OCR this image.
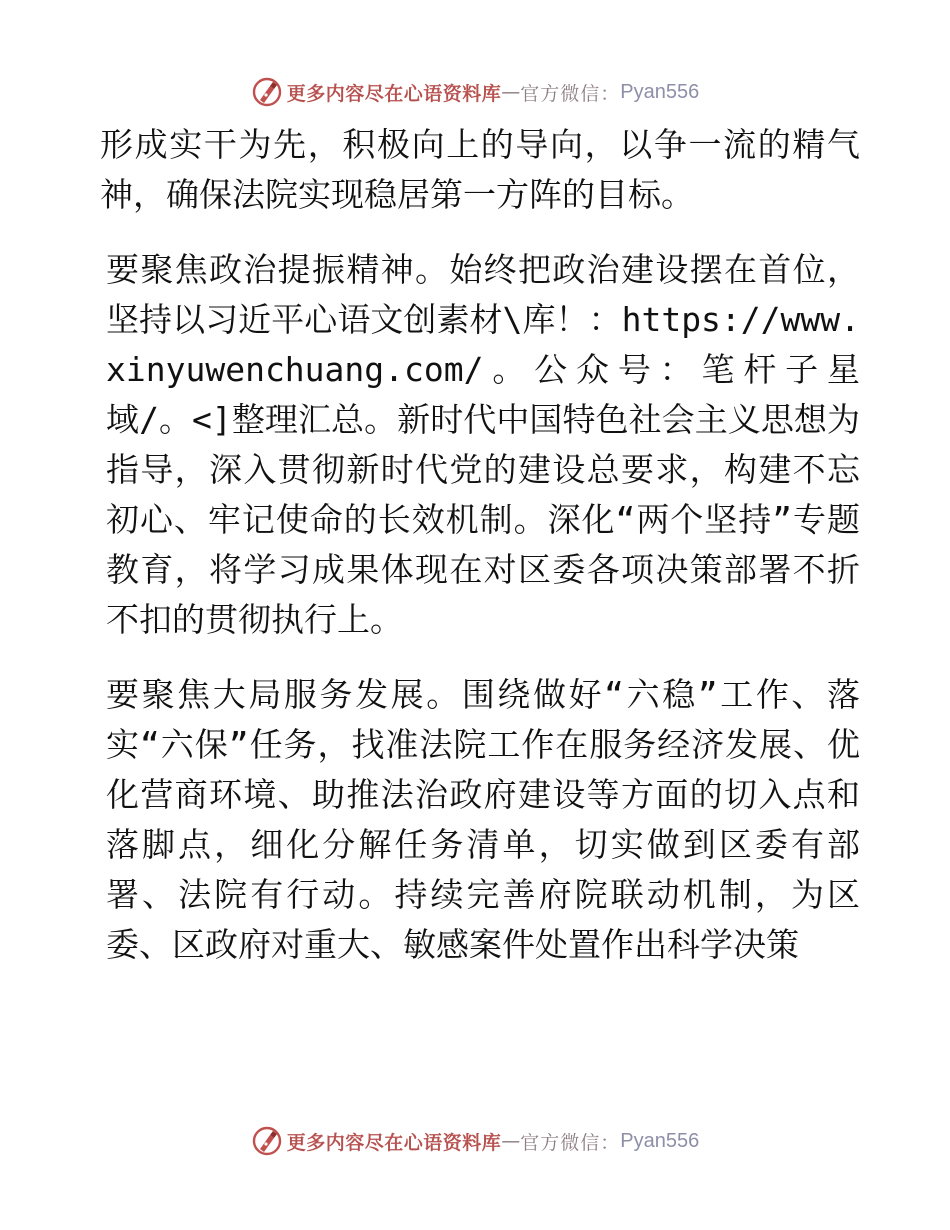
更多内容尽在心语资料库 — 官方微信： Pyan556

形成实干为先，积极向上的导向，以争一流的精气神，确保法院实现稳居第一方阵的目标。

要聚焦政治提振精神。始终把政治建设摆在首位，坚持以习近平心语文创素材\库！：https://www.xinyuwenchuang.com/。公众号：笔杆子星域/。<]整理汇总。新时代中国特色社会主义思想为指导，深入贯彻新时代党的建设总要求，构建不忘初心、牢记使命的长效机制。深化“两个坚持”专题教育，将学习成果体现在对区委各项决策部署不折不扣的贯彻执行上。

要聚焦大局服务发展。围绕做好“六稳”工作、落实“六保”任务，找准法院工作在服务经济发展、优化营商环境、助推法治政府建设等方面的切入点和落脚点，细化分解任务清单，切实做到区委有部署、法院有行动。持续完善府院联动机制，为区委、区政府对重大、敏感案件处置作出科学决策

更多内容尽在心语资料库 — 官方微信： Pyan556
